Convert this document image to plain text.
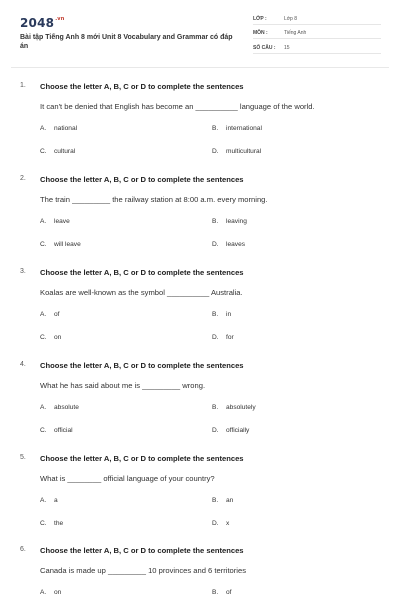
$2048^{.vn}$
Bài tập Tiếng Anh 8 mới Unit 8 Vocabulary and Grammar có đáp án
LỚP :	Lớp 8
MÔN :	Tiếng Anh
SỐ CÂU : 15
1. Choose the letter A, B, C or D to complete the sentences
It can't be denied that English has become an __________ language of the world.
A. national	B. international
C. cultural	D. multicultural
2. Choose the letter A, B, C or D to complete the sentences
The train _________ the railway station at 8:00 a.m. every morning.
A. leave	B. leaving
C. will leave	D. leaves
3. Choose the letter A, B, C or D to complete the sentences
Koalas are well-known as the symbol __________ Australia.
A. of	B. in
C. on	D. for
4. Choose the letter A, B, C or D to complete the sentences
What he has said about me is _________ wrong.
A. absolute	B. absolutely
C. official	D. officially
5. Choose the letter A, B, C or D to complete the sentences
What is ________ official language of your country?
A. a	B. an
C. the	D. x
6. Choose the letter A, B, C or D to complete the sentences
Canada is made up _________ 10 provinces and 6 territories
A. on	B. of
